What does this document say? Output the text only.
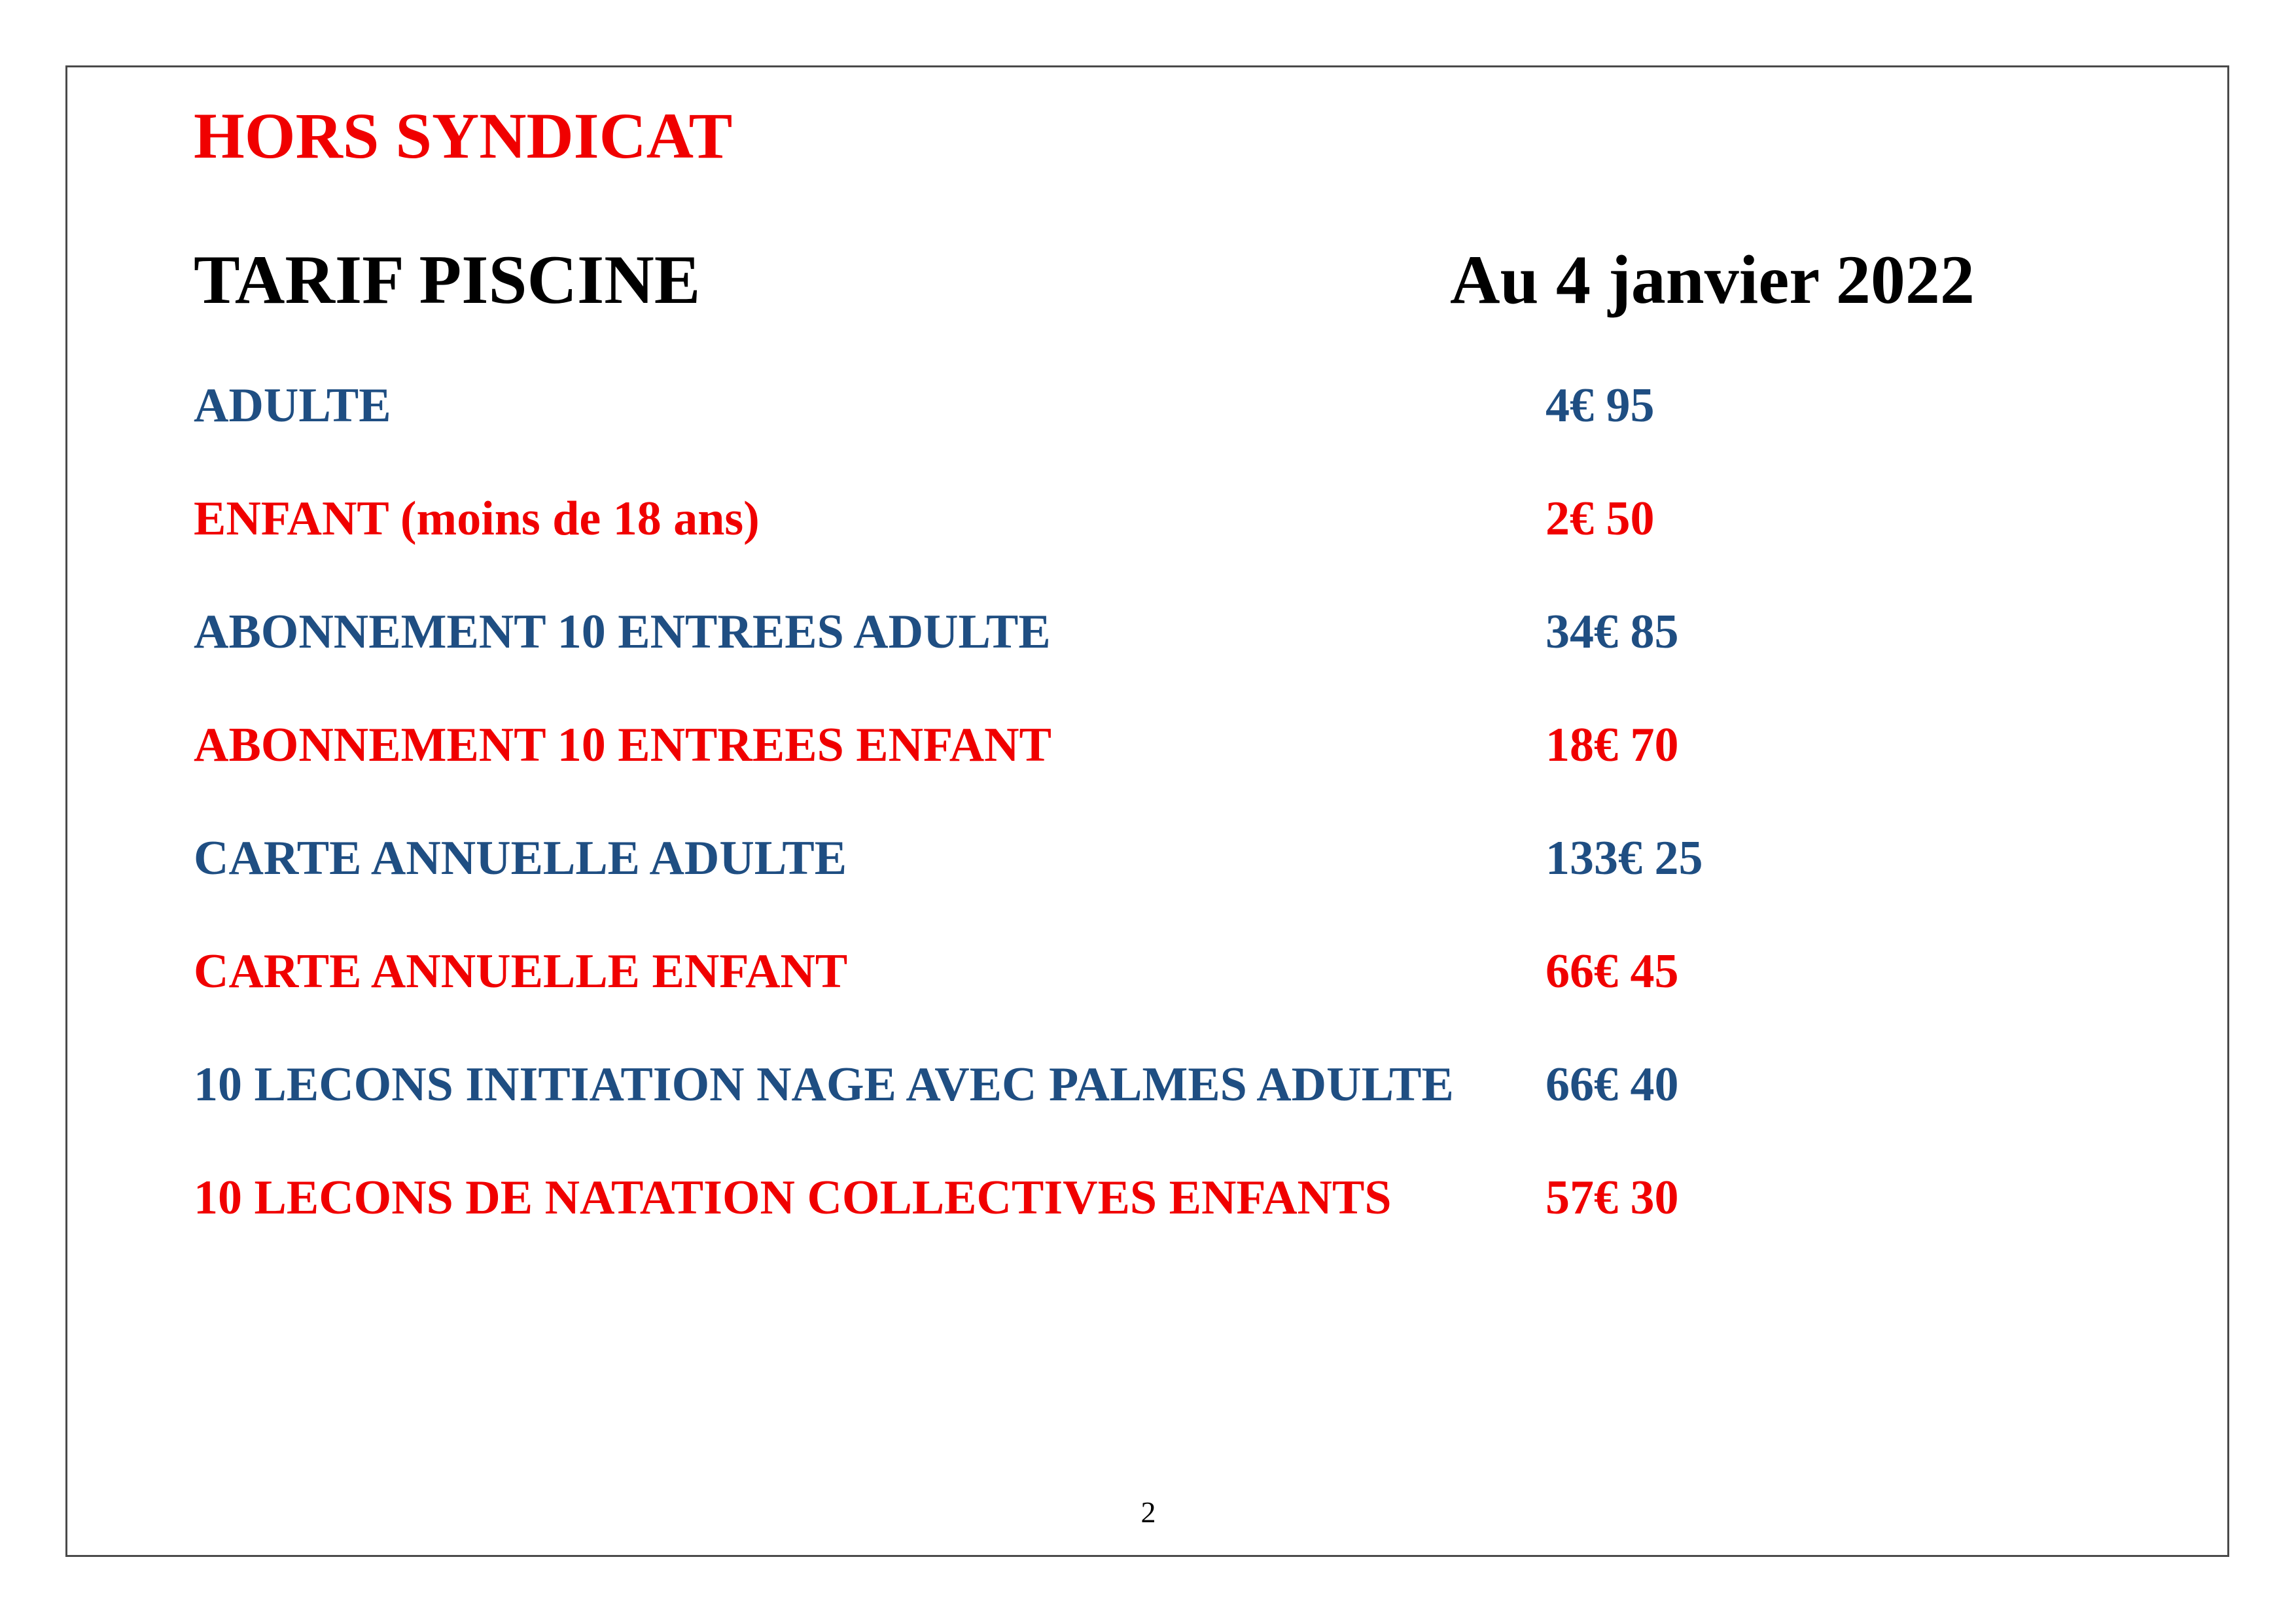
HORS SYNDICAT
TARIF PISCINE	Au 4 janvier 2022
ADULTE	4€ 95
ENFANT (moins de 18 ans)	2€ 50
ABONNEMENT 10 ENTREES ADULTE	34€ 85
ABONNEMENT 10 ENTREES ENFANT	18€ 70
CARTE ANNUELLE ADULTE	133€ 25
CARTE ANNUELLE ENFANT	66€ 45
10 LECONS INITIATION NAGE AVEC PALMES ADULTE 66€ 40
10 LECONS DE NATATION COLLECTIVES ENFANTS	57€ 30
2
